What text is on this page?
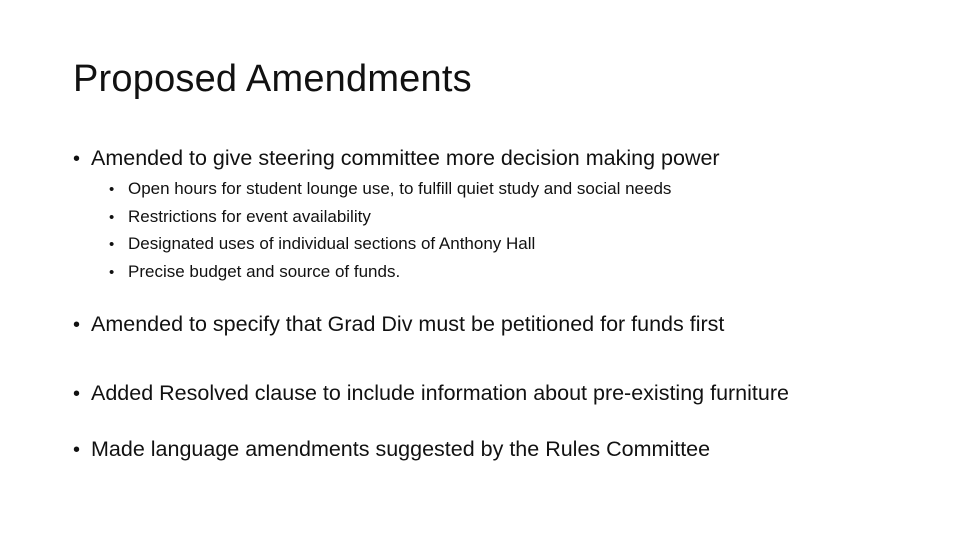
Proposed Amendments
• Amended to give steering committee more decision making power
• Open hours for student lounge use, to fulfill quiet study and social needs
• Restrictions for event availability
• Designated uses of individual sections of Anthony Hall
• Precise budget and source of funds.
• Amended to specify that Grad Div must be petitioned for funds first
• Added Resolved clause to include information about pre-existing furniture
• Made language amendments suggested by the Rules Committee
